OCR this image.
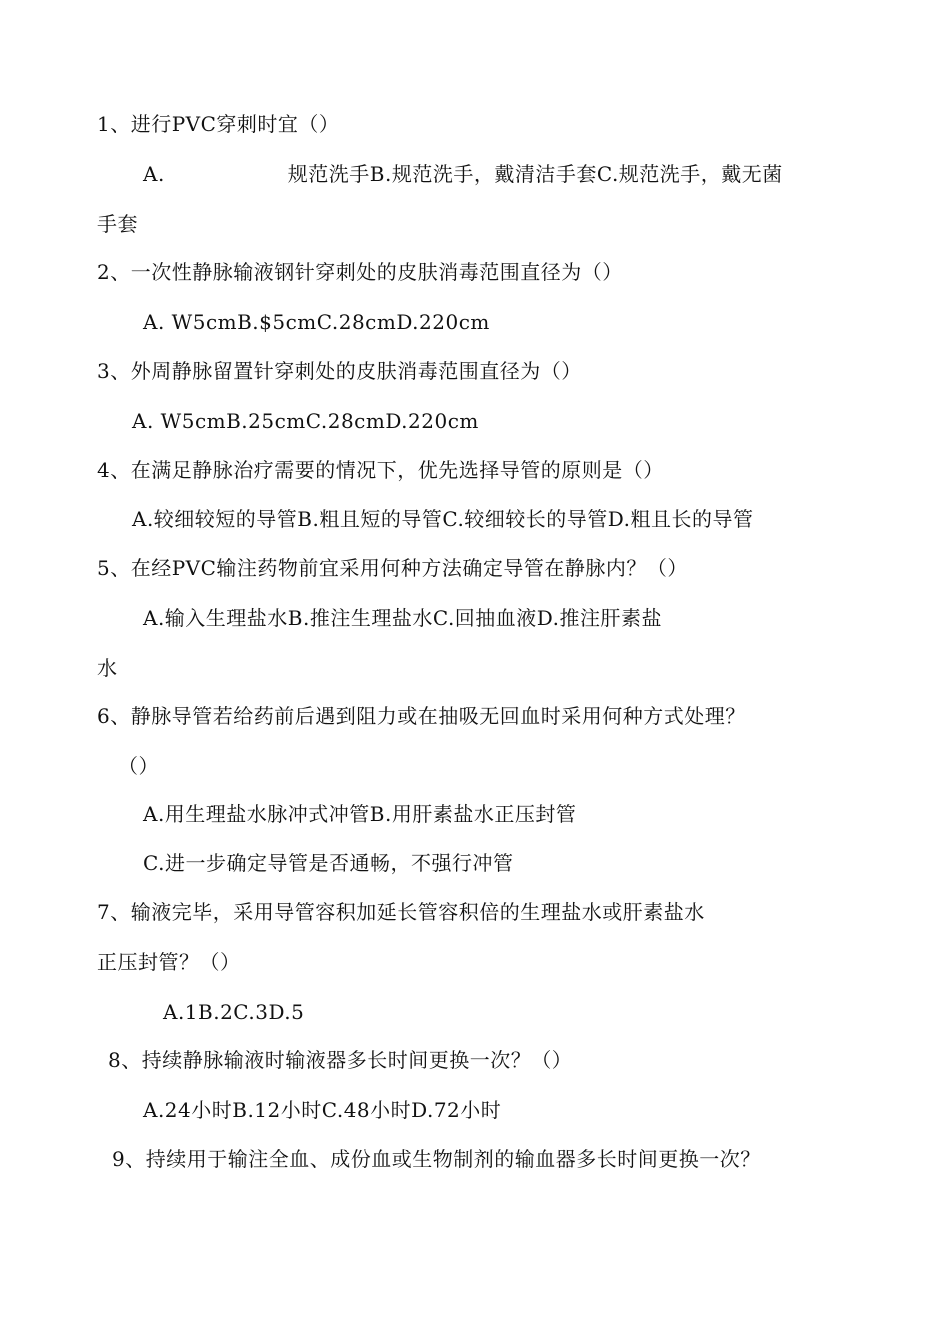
1、进行PVC穿刺时宜（）
A.　　　　　　规范洗手B.规范洗手，戴清洁手套C.规范洗手，戴无菌
手套
2、一次性静脉输液钢针穿刺处的皮肤消毒范围直径为（）
A. W5cmB.$5cmC.28cmD.220cm
3、外周静脉留置针穿刺处的皮肤消毒范围直径为（）
A. W5cmB.25cmC.28cmD.220cm
4、在满足静脉治疗需要的情况下，优先选择导管的原则是（）
A.较细较短的导管B.粗且短的导管C.较细较长的导管D.粗且长的导管
5、在经PVC输注药物前宜采用何种方法确定导管在静脉内？（）
A.输入生理盐水B.推注生理盐水C.回抽血液D.推注肝素盐
水
6、静脉导管若给药前后遇到阻力或在抽吸无回血时采用何种方式处理？
（）
A.用生理盐水脉冲式冲管B.用肝素盐水正压封管
C.进一步确定导管是否通畅，不强行冲管
7、输液完毕，采用导管容积加延长管容积倍的生理盐水或肝素盐水
正压封管？（）
A.1B.2C.3D.5
8、持续静脉输液时输液器多长时间更换一次？（）
A.24小时B.12小时C.48小时D.72小时
9、持续用于输注全血、成份血或生物制剂的输血器多长时间更换一次？
